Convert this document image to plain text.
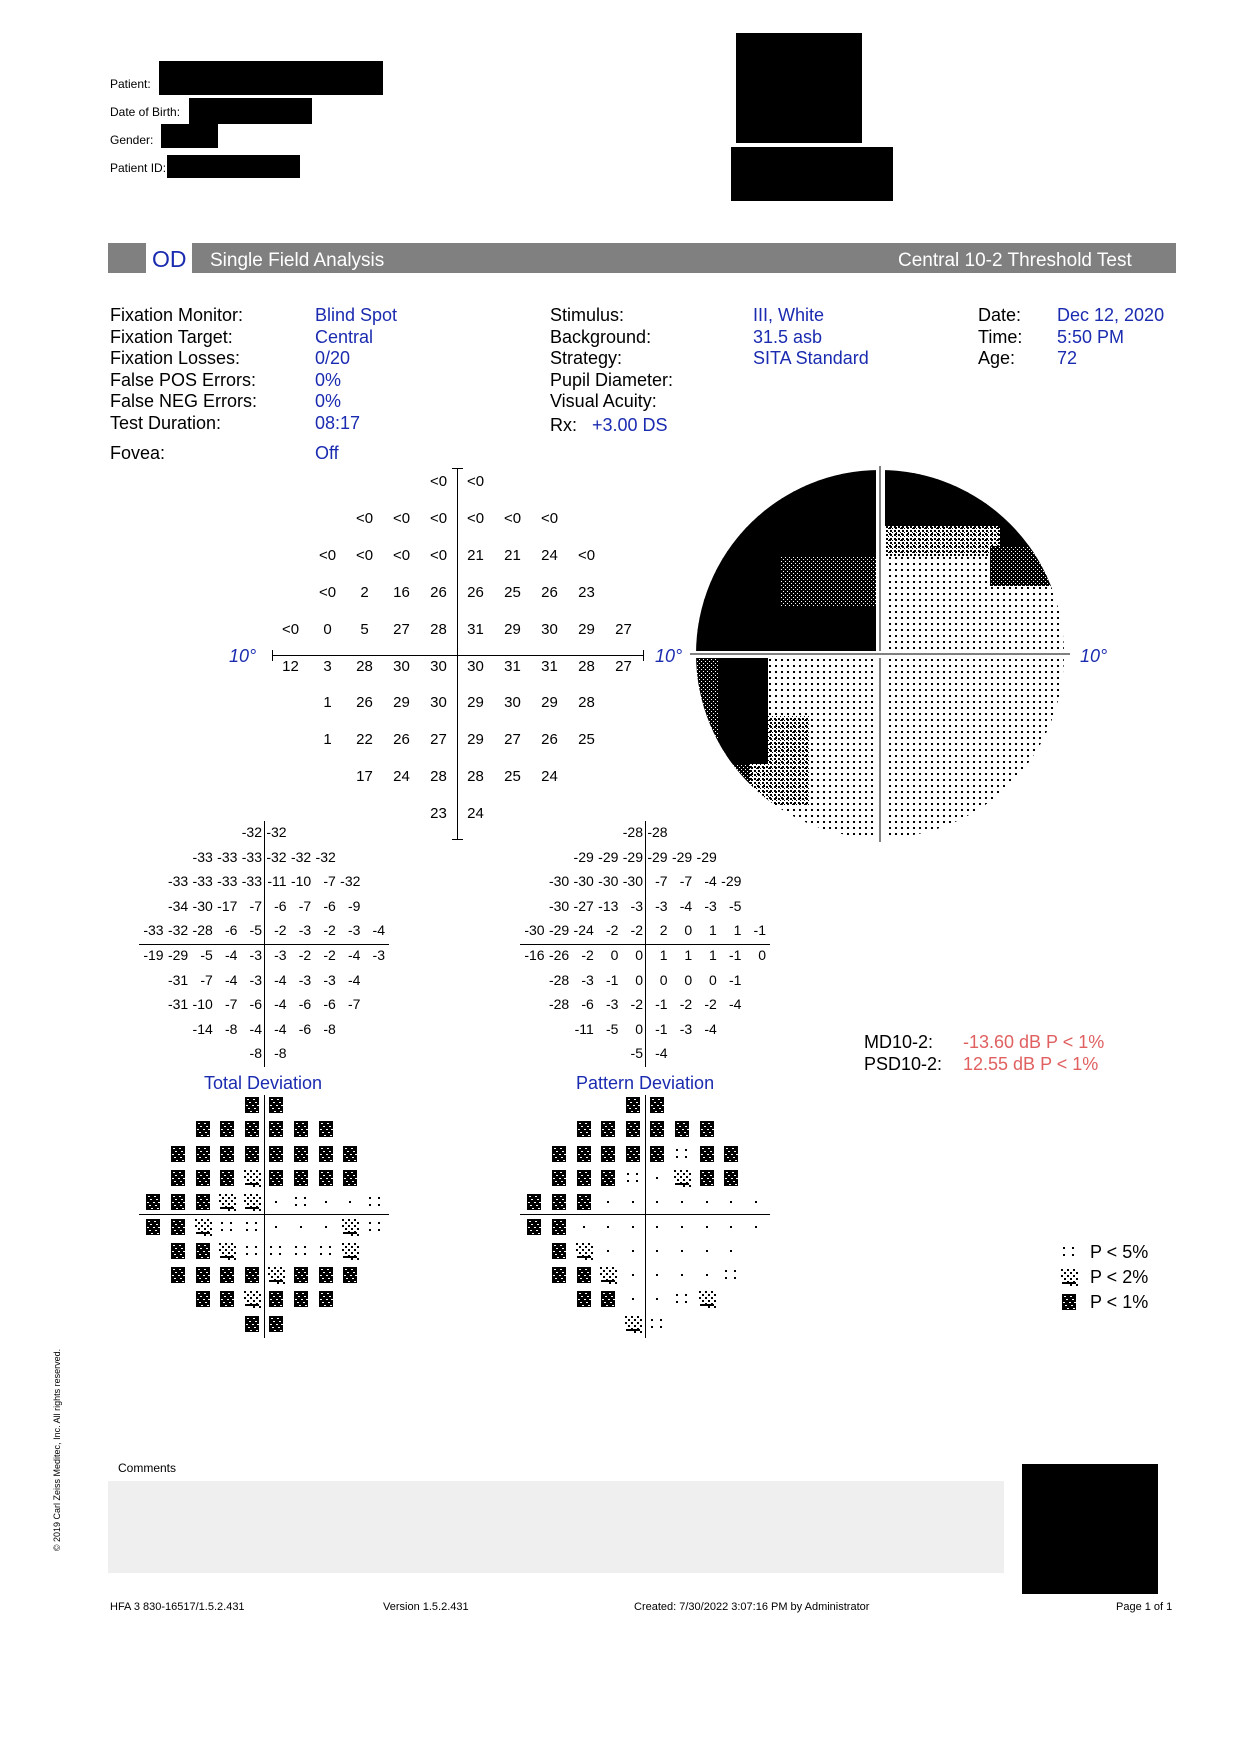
Patient:
Date of Birth:
Gender:
Patient ID:
OD Single Field Analysis	Central 10-2 Threshold Test
Fixation Monitor:	Blind Spot
Fixation Target:	Central
Fixation Losses:	0/20
False POS Errors:	0%
False NEG Errors:	0%
Test Duration:	08:17
Fovea:	Off
Stimulus:	III, White
Background:	31.5 asb
Strategy:	SITA Standard
Pupil Diameter:
Visual Acuity:
Rx: +3.00 DS
Date: Dec 12, 2020
Time: 5:50 PM
Age: 72
10°	10°	10°
<0	<0
<0	<0	<0	<0	<0	<0
<0	<0	<0	<0	21	21	24	<0
<0	2	16	26	26	25	26	23
<0	0	5	27	28	31	29	30	29	27
12	3	28	30	30	30	31	31	28	27
1	26	29	30	29	30	29	28
1	22	26	27	29	27	26	25
17	24	28	28	25	24
23	24
-32 -32
-33 -33 -33 -32 -32 -32
-33 -33 -33 -33 -11 -10 -7 -32
-34 -30 -17 -7 -6 -7 -6 -9
-33 -32 -28 -6 -5 -2 -3 -2 -3 -4
-19 -29 -5 -4 -3 -3 -2 -2 -4 -3
-31 -7 -4 -3 -4 -3 -3 -4
-31 -10 -7 -6 -4 -6 -6 -7
-14 -8 -4 -4 -6 -8
-8 -8
-28 -28
-29 -29 -29 -29 -29 -29
-30 -30 -30 -30 -7 -7 -4 -29
-30 -27 -13 -3 -3 -4 -3 -5
-30 -29 -24 -2 -2	2	0	1	1 -1
-16 -26 -2	0	0	1	1	1 -1	0
-28 -3 -1	0	0	0	0 -1
-28 -6 -3 -2 -1 -2 -2 -4
-11 -5	0 -1 -3 -4
-5 -4
Total Deviation	Pattern Deviation
MD10-2: -13.60 dB P < 1%
PSD10-2: 12.55 dB P < 1%
P < 5%
P < 2%
P < 1%
© 2019 Carl Zeiss Meditec, Inc. All rights reserved.	Comments
HFA 3 830-16517/1.5.2.431	Version 1.5.2.431	Created: 7/30/2022 3:07:16 PM by Administrator	Page 1 of 1
